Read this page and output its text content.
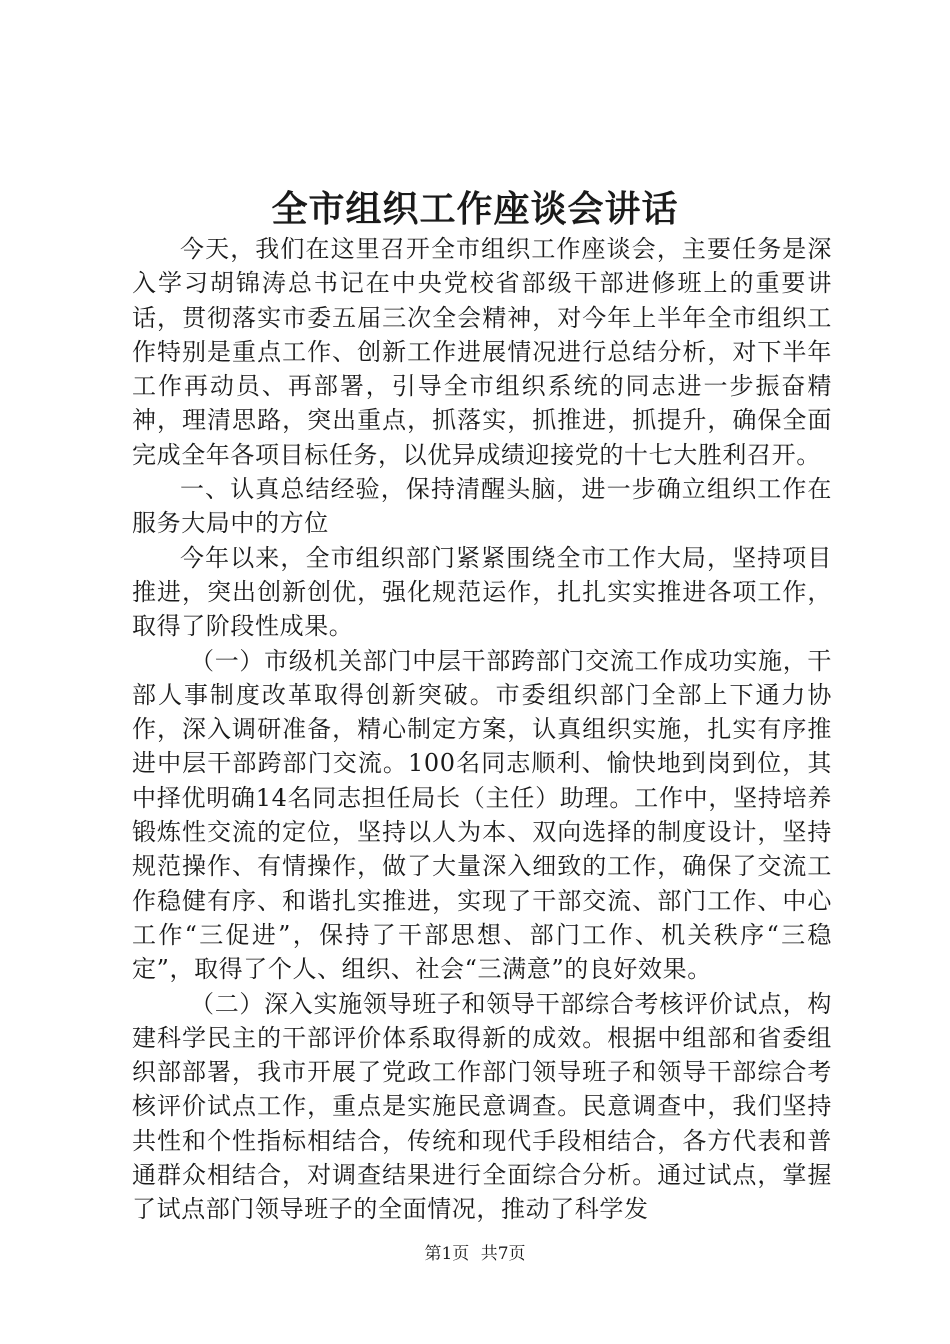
全市组织工作座谈会讲话

今天，我们在这里召开全市组织工作座谈会，主要任务是深入学习胡锦涛总书记在中央党校省部级干部进修班上的重要讲话，贯彻落实市委五届三次全会精神，对今年上半年全市组织工作特别是重点工作、创新工作进展情况进行总结分析，对下半年工作再动员、再部署，引导全市组织系统的同志进一步振奋精神，理清思路，突出重点，抓落实，抓推进，抓提升，确保全面完成全年各项目标任务，以优异成绩迎接党的十七大胜利召开。

一、认真总结经验，保持清醒头脑，进一步确立组织工作在服务大局中的方位

今年以来，全市组织部门紧紧围绕全市工作大局，坚持项目推进，突出创新创优，强化规范运作，扎扎实实推进各项工作，取得了阶段性成果。

（一）市级机关部门中层干部跨部门交流工作成功实施，干部人事制度改革取得创新突破。市委组织部门全部上下通力协作，深入调研准备，精心制定方案，认真组织实施，扎实有序推进中层干部跨部门交流。100名同志顺利、愉快地到岗到位，其中择优明确14名同志担任局长（主任）助理。工作中，坚持培养锻炼性交流的定位，坚持以人为本、双向选择的制度设计，坚持规范操作、有情操作，做了大量深入细致的工作，确保了交流工作稳健有序、和谐扎实推进，实现了干部交流、部门工作、中心工作“三促进”，保持了干部思想、部门工作、机关秩序“三稳定”，取得了个人、组织、社会“三满意”的良好效果。

（二）深入实施领导班子和领导干部综合考核评价试点，构建科学民主的干部评价体系取得新的成效。根据中组部和省委组织部部署，我市开展了党政工作部门领导班子和领导干部综合考核评价试点工作，重点是实施民意调查。民意调查中，我们坚持共性和个性指标相结合，传统和现代手段相结合，各方代表和普通群众相结合，对调查结果进行全面综合分析。通过试点，掌握了试点部门领导班子的全面情况，推动了科学发

第1页 共7页
